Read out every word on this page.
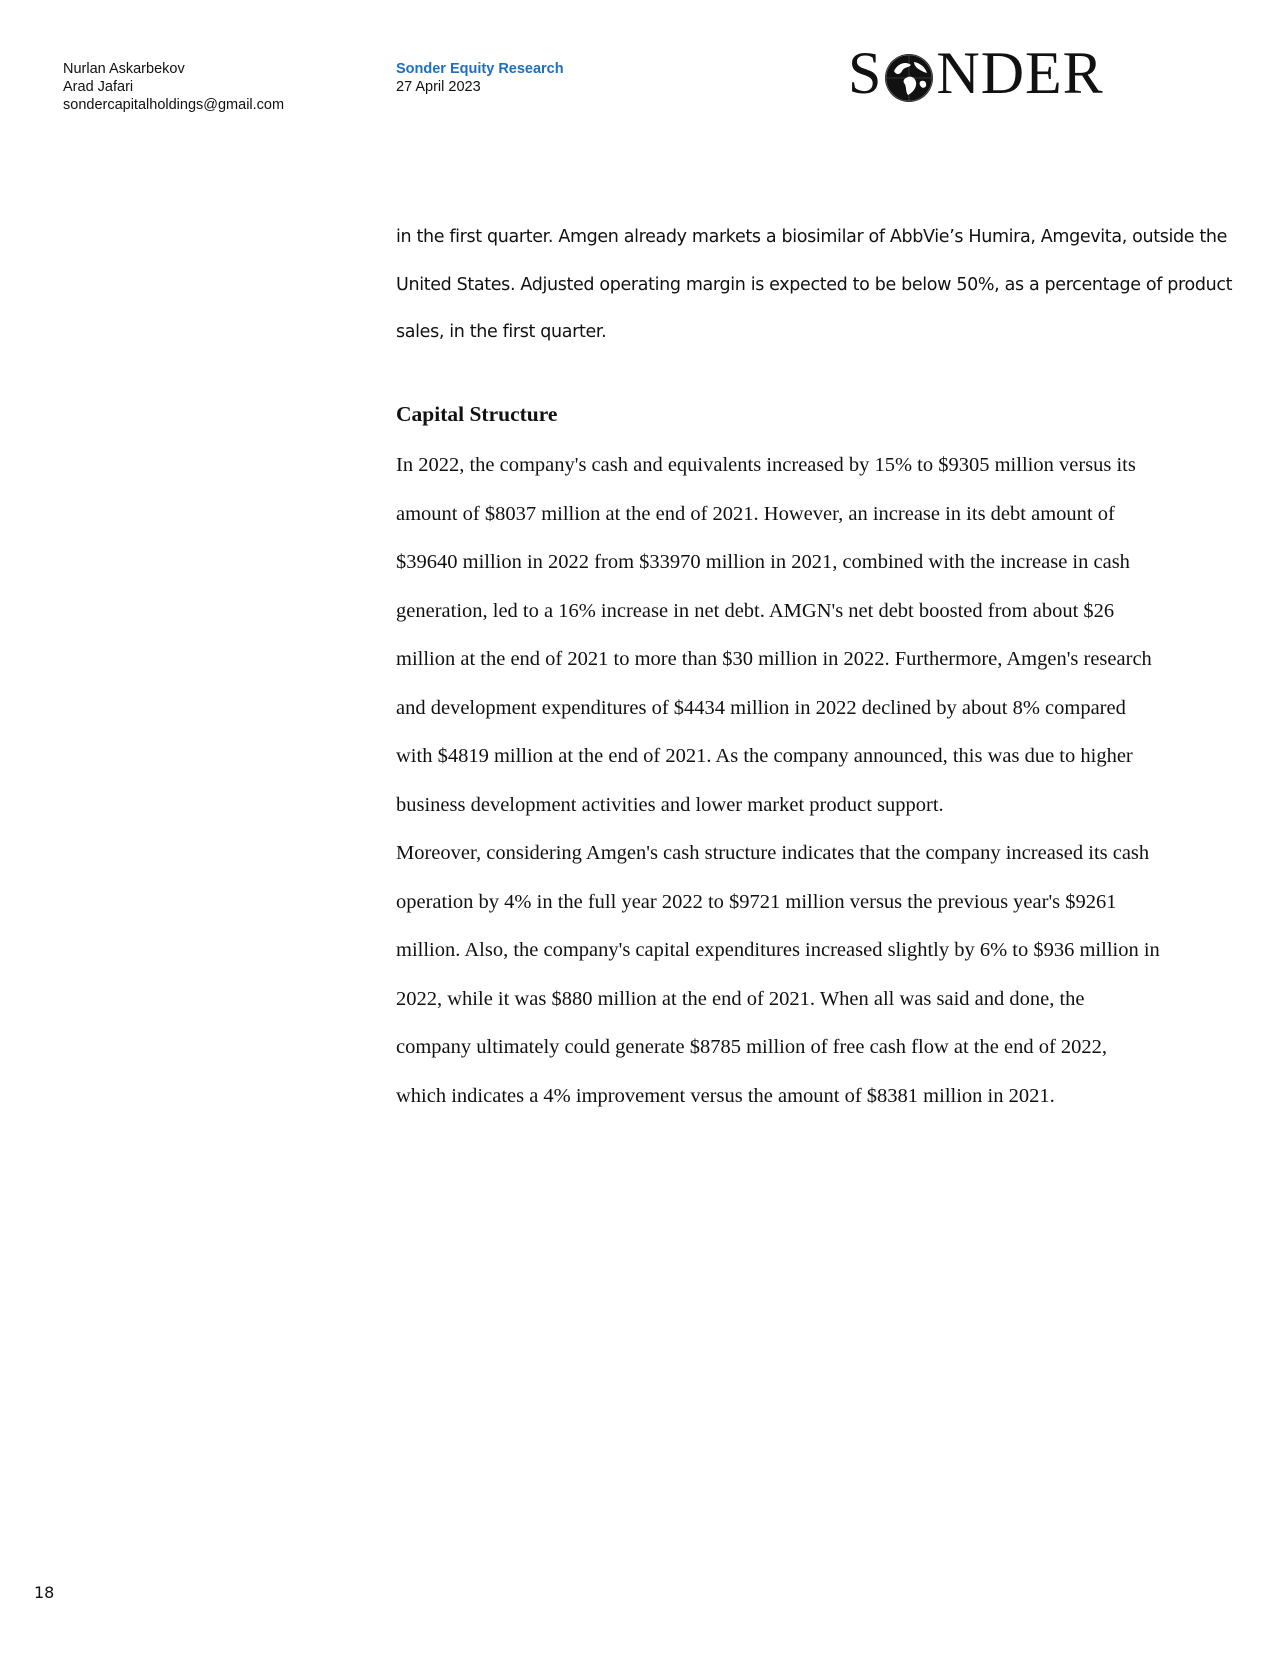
Nurlan Askarbekov
Arad Jafari
sondercapitalholdings@gmail.com
Sonder Equity Research
27 April 2023	S NDER

in the first quarter. Amgen already markets a biosimilar of AbbVie’s Humira, Amgevita, outside the
United States. Adjusted operating margin is expected to be below 50%, as a percentage of product
sales, in the first quarter.

Capital Structure

In 2022, the company's cash and equivalents increased by 15% to $9305 million versus its
amount of $8037 million at the end of 2021. However, an increase in its debt amount of
$39640 million in 2022 from $33970 million in 2021, combined with the increase in cash
generation, led to a 16% increase in net debt. AMGN's net debt boosted from about $26
million at the end of 2021 to more than $30 million in 2022. Furthermore, Amgen's research
and development expenditures of $4434 million in 2022 declined by about 8% compared
with $4819 million at the end of 2021. As the company announced, this was due to higher
business development activities and lower market product support.

Moreover, considering Amgen's cash structure indicates that the company increased its cash
operation by 4% in the full year 2022 to $9721 million versus the previous year's $9261
million. Also, the company's capital expenditures increased slightly by 6% to $936 million in
2022, while it was $880 million at the end of 2021. When all was said and done, the
company ultimately could generate $8785 million of free cash flow at the end of 2022,
which indicates a 4% improvement versus the amount of $8381 million in 2021.

18
